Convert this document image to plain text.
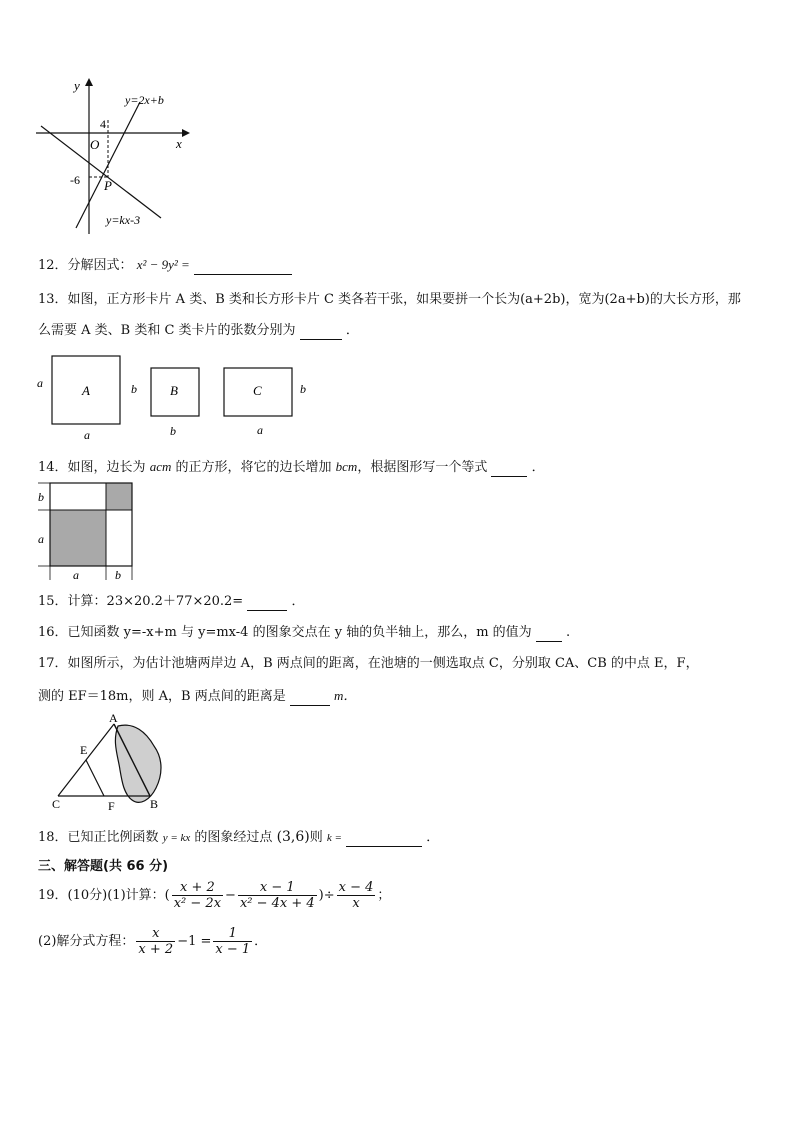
y
x
O
4
-6 P
y=2x+b
y=kx-3
12．分解因式： x² − 9y² =
13．如图，正方形卡片 A 类、B 类和长方形卡片 C 类各若干张，如果要拼一个长为(a+2b)，宽为(2a+b)的大长方形，那
么需要 A 类、B 类和 C 类卡片的张数分别为	．
A
a
a
B
b
b
C	b
a
14．如图，边长为 acm 的正方形，将它的边长增加 bcm，根据图形写一个等式	．
b
a
a	b
15．计算：23×20.2＋77×20.2=	．
16．已知函数 y=-x+m 与 y=mx-4 的图象交点在 y 轴的负半轴上，那么，m 的值为	.
17．如图所示，为估计池塘两岸边 A，B 两点间的距离，在池塘的一侧选取点 C，分别取 CA、CB 的中点 E，F，
测的 EF＝18m，则 A，B 两点间的距离是	m．
A
E
C	F	B
18．已知正比例函数 y = kx 的图象经过点 (3,6)则 k =	．
三、解答题(共 66 分)
19．(10分)(1)计算：( $\frac{x + 2}{\text{x² − 2x}} - \frac{x - 1}{\text{x² − 4x + 4}}$ )÷ $\frac{x - 4}{x}$ ；
(2)解分式方程： $\frac{x}{x + 2} -1 = \frac{1}{x - 1}$ ．
